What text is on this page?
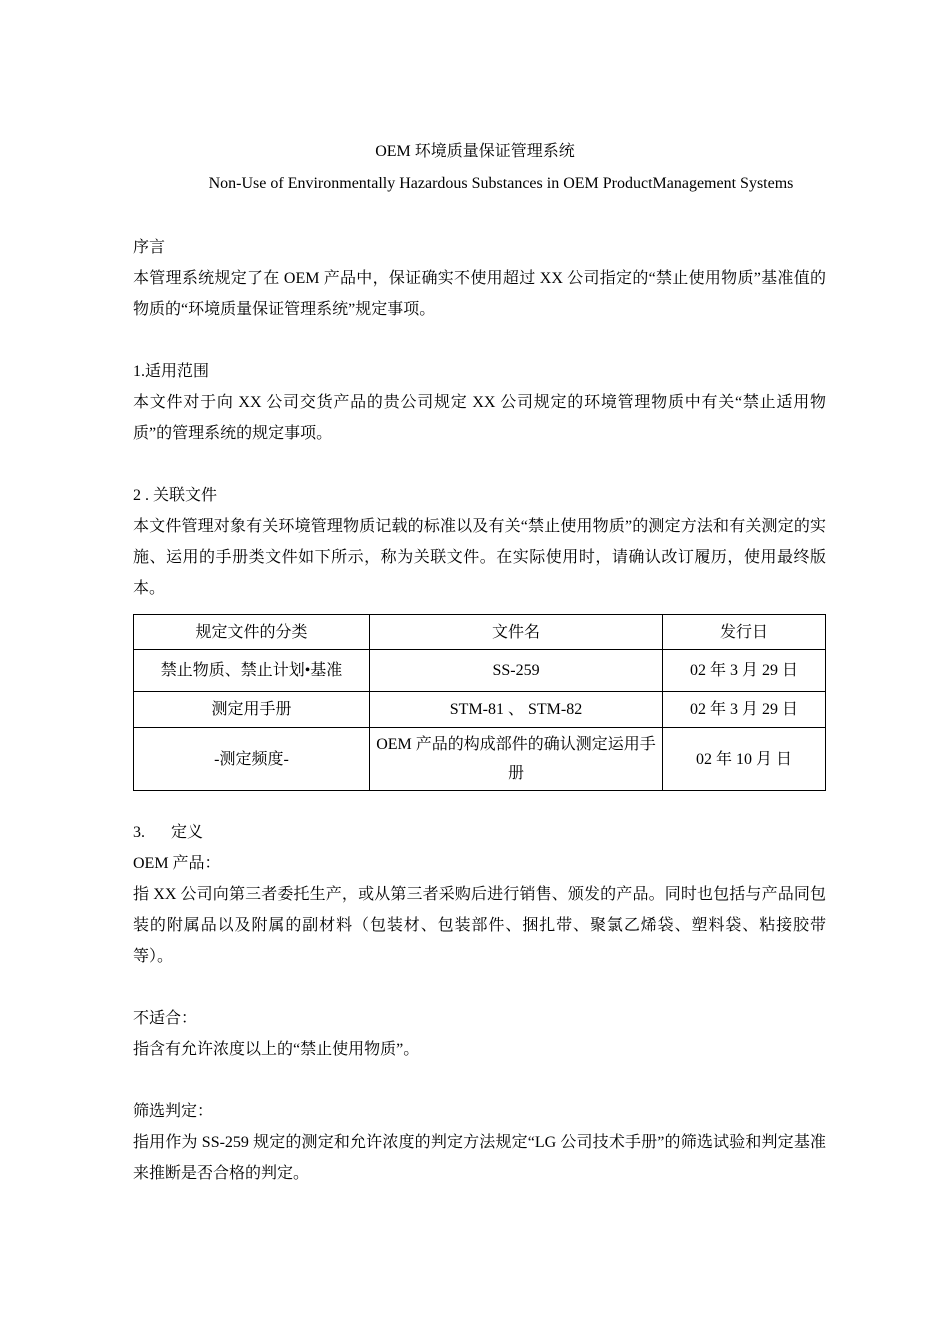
OEM 环境质量保证管理系统
Non-Use of Environmentally Hazardous Substances in OEM ProductManagement Systems

序言

本管理系统规定了在 OEM 产品中，保证确实不使用超过 XX 公司指定的“禁止使用物质”基准值的物质的“环境质量保证管理系统”规定事项。

1.适用范围

本文件对于向 XX 公司交货产品的贵公司规定 XX 公司规定的环境管理物质中有关“禁止适用物质”的管理系统的规定事项。

2 . 关联文件

本文件管理对象有关环境管理物质记载的标准以及有关“禁止使用物质”的测定方法和有关测定的实施、运用的手册类文件如下所示，称为关联文件。在实际使用时，请确认改订履历，使用最终版本。

规定文件的分类	文件名	发行日
禁止物质、禁止计划•基准	SS-259	02 年 3 月 29 日
测定用手册	STM-81 、 STM-82	02 年 3 月 29 日
-测定频度-	OEM 产品的构成部件的确认测定运用手册	02 年 10 月 日
3. 定义

OEM 产品：

指 XX 公司向第三者委托生产，或从第三者采购后进行销售、颁发的产品。同时也包括与产品同包装的附属品以及附属的副材料（包装材、包装部件、捆扎带、聚氯乙烯袋、塑料袋、粘接胶带等）。

不适合：

指含有允许浓度以上的“禁止使用物质”。

筛选判定：

指用作为 SS-259 规定的测定和允许浓度的判定方法规定“LG 公司技术手册”的筛选试验和判定基准来推断是否合格的判定。
